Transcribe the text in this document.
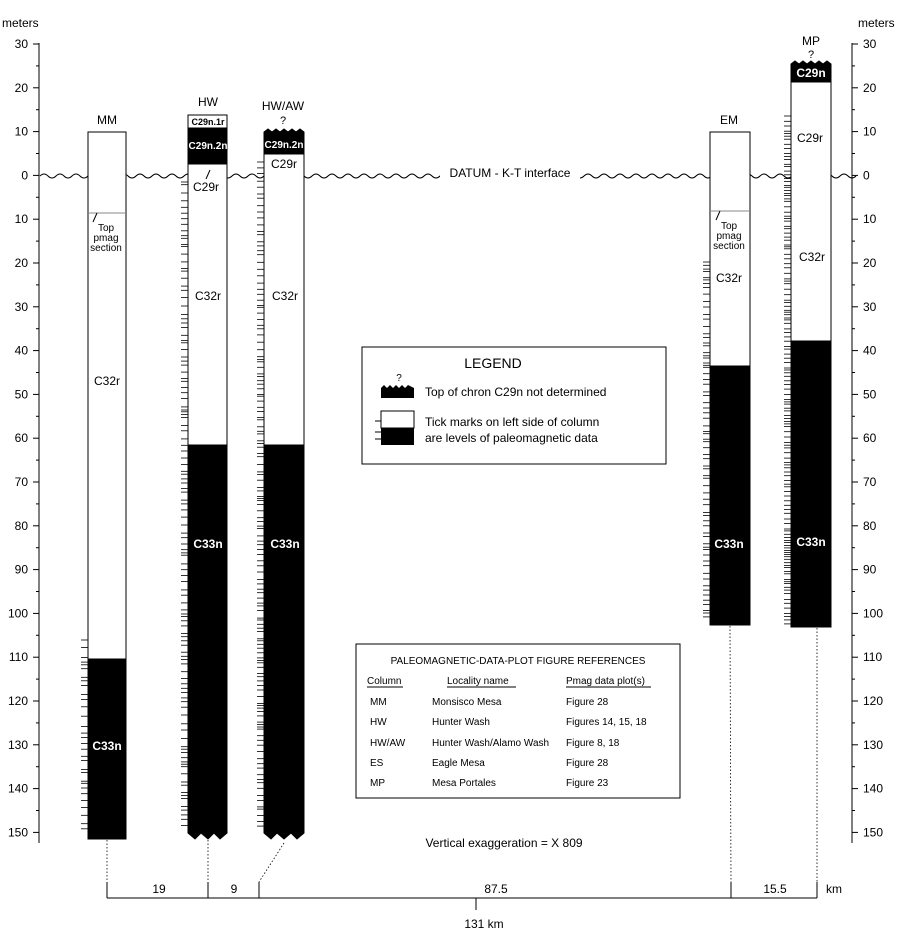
meters
30
20
10
0
10
20
30
40
50
60
70
80
90
100
110
120
130
140
150
meters
30
20
10
0
10
20
30
40
50
60
70
80
90
100
110
120
130
140
150
DATUM - K-T interface
MM
C32r
C33n
Top
pmag
section
HW
C29n.1r
C29n.2n
C29r
C32r
C33n
HW/AW
?
C29n.2n
C29r
C32r
C33n
EM
Top
pmag
section
C32r
C33n
MP
?
C29n
C29r
C32r
C33n
LEGEND
?
Top of chron C29n not determined
Tick marks on left side of column
are levels of paleomagnetic data
PALEOMAGNETIC-DATA-PLOT FIGURE REFERENCES
Column	Locality name	Pmag data plot(s)
MM	Monsisco Mesa	Figure 28
HW	Hunter Wash	Figures 14, 15, 18
HW/AW	Hunter Wash/Alamo Wash Figure 8, 18
ES	Eagle Mesa	Figure 28
MP	Mesa Portales	Figure 23
Vertical exaggeration = X 809
19	9	87.5	15.5	km
131 km
